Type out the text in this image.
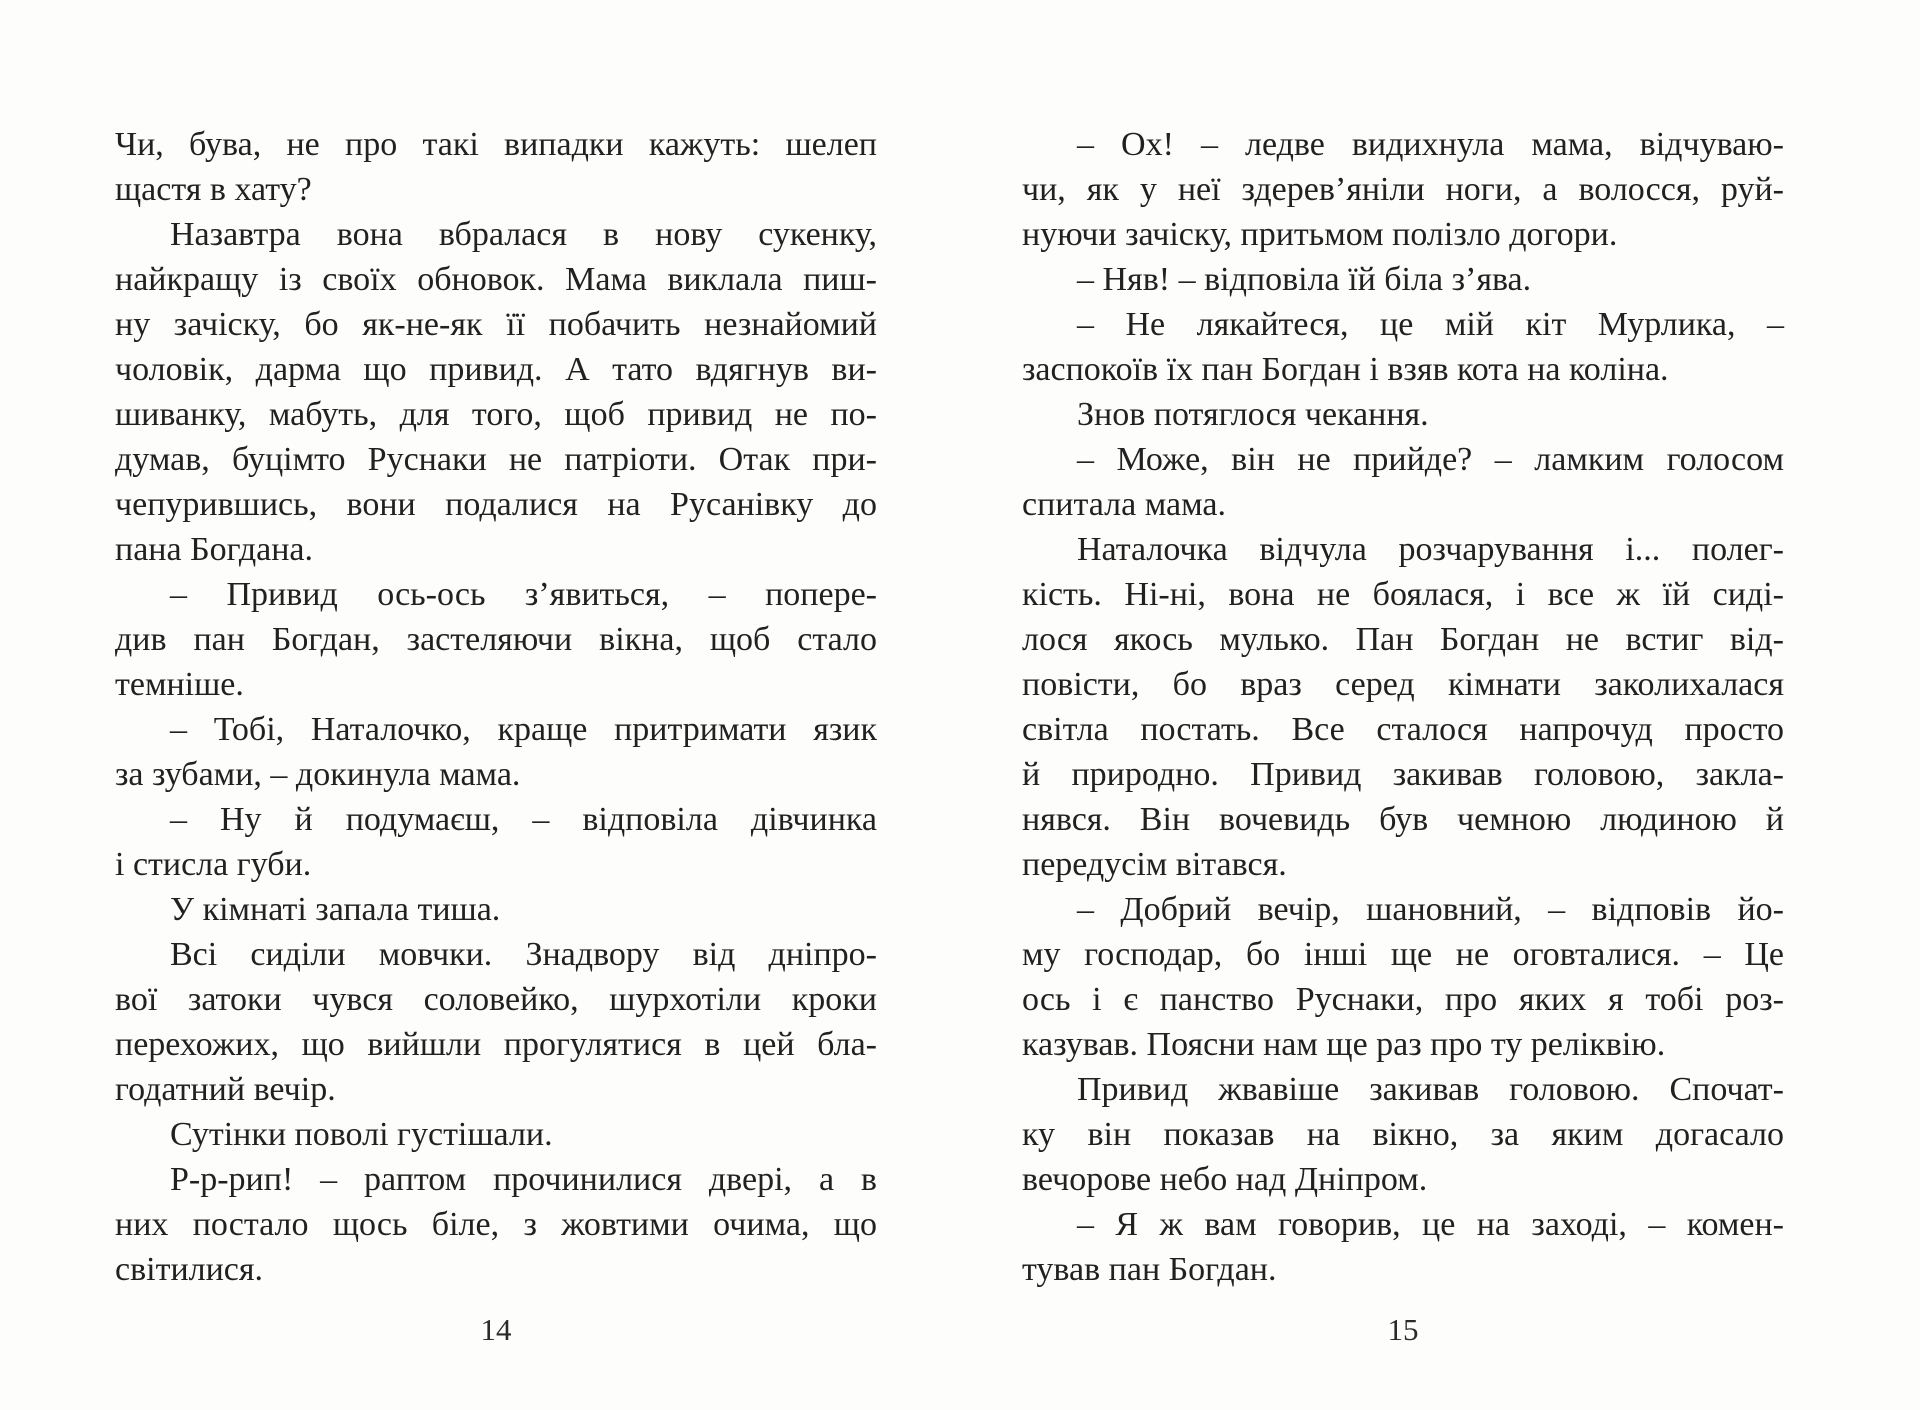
Чи, бува, не про такі випадки кажуть: шелеп
щастя в хату?
Назавтра вона вбралася в нову сукенку,
найкращу із своїх обновок. Мама виклала пиш-
ну зачіску, бо як-не-як її побачить незнайомий
чоловік, дарма що привид. А тато вдягнув ви-
шиванку, мабуть, для того, щоб привид не по-
думав, буцімто Руснаки не патріоти. Отак при-
чепурившись, вони подалися на Русанівку до
пана Богдана.
– Привид ось-ось з’явиться, – попере-
див пан Богдан, застеляючи вікна, щоб стало
темніше.
– Тобі, Наталочко, краще притримати язик
за зубами, – докинула мама.
– Ну й подумаєш, – відповіла дівчинка
і стисла губи.
У кімнаті запала тиша.
Всі сиділи мовчки. Знадвору від дніпро-
вої затоки чувся соловейко, шурхотіли кроки
перехожих, що вийшли прогулятися в цей бла-
годатний вечір.
Сутінки поволі густішали.
Р-р-рип! – раптом прочинилися двері, а в
них постало щось біле, з жовтими очима, що
світилися.
14
– Ох! – ледве видихнула мама, відчуваю-
чи, як у неї здерев’яніли ноги, а волосся, руй-
нуючи зачіску, притьмом полізло догори.
– Няв! – відповіла їй біла з’ява.
– Не лякайтеся, це мій кіт Мурлика, –
заспокоїв їх пан Богдан і взяв кота на коліна.
Знов потяглося чекання.
– Може, він не прийде? – ламким голосом
спитала мама.
Наталочка відчула розчарування і... полег-
кість. Ні-ні, вона не боялася, і все ж їй сиді-
лося якось мулько. Пан Богдан не встиг від-
повісти, бо враз серед кімнати заколихалася
світла постать. Все сталося напрочуд просто
й природно. Привид закивав головою, закла-
нявся. Він вочевидь був чемною людиною й
передусім вітався.
– Добрий вечір, шановний, – відповів йо-
му господар, бо інші ще не оговталися. – Це
ось і є панство Руснаки, про яких я тобі роз-
казував. Поясни нам ще раз про ту реліквію.
Привид жвавіше закивав головою. Спочат-
ку він показав на вікно, за яким догасало
вечорове небо над Дніпром.
– Я ж вам говорив, це на заході, – комен-
тував пан Богдан.
15
